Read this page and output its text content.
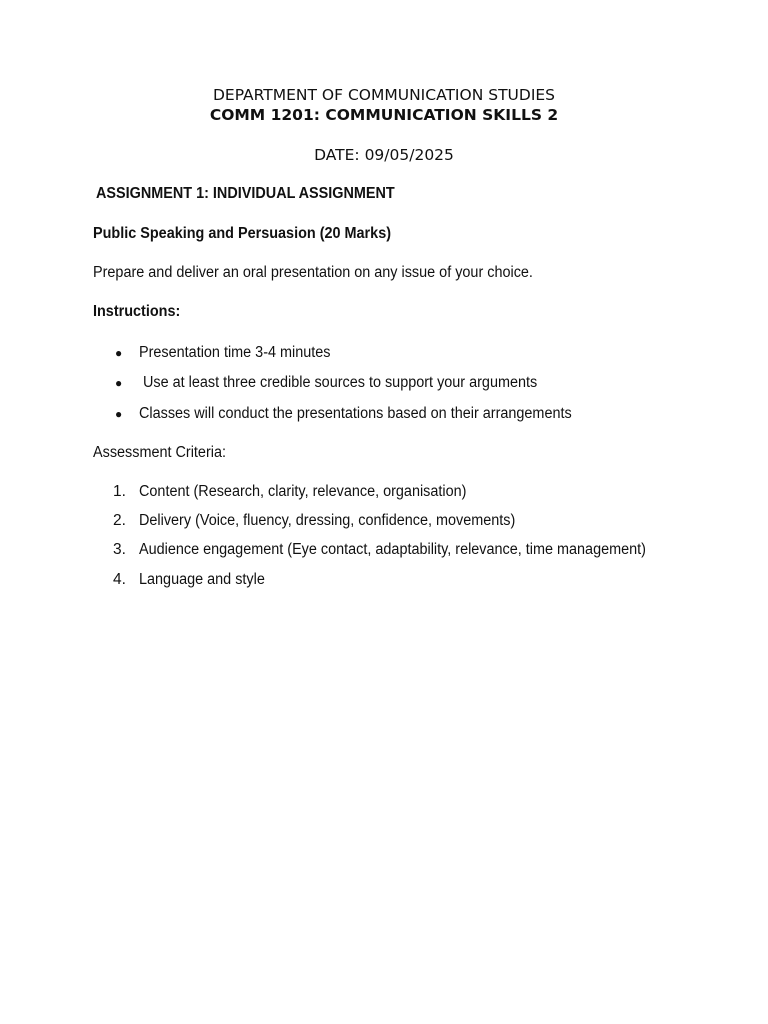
DEPARTMENT OF COMMUNICATION STUDIES
COMM 1201: COMMUNICATION SKILLS 2
DATE: 09/05/2025
ASSIGNMENT 1: INDIVIDUAL ASSIGNMENT
Public Speaking and Persuasion (20 Marks)
Prepare and deliver an oral presentation on any issue of your choice.
Instructions:
● Presentation time 3-4 minutes
● Use at least three credible sources to support your arguments
● Classes will conduct the presentations based on their arrangements
Assessment Criteria:
1. Content (Research, clarity, relevance, organisation)
2. Delivery (Voice, fluency, dressing, confidence, movements)
3. Audience engagement (Eye contact, adaptability, relevance, time management)
4. Language and style
